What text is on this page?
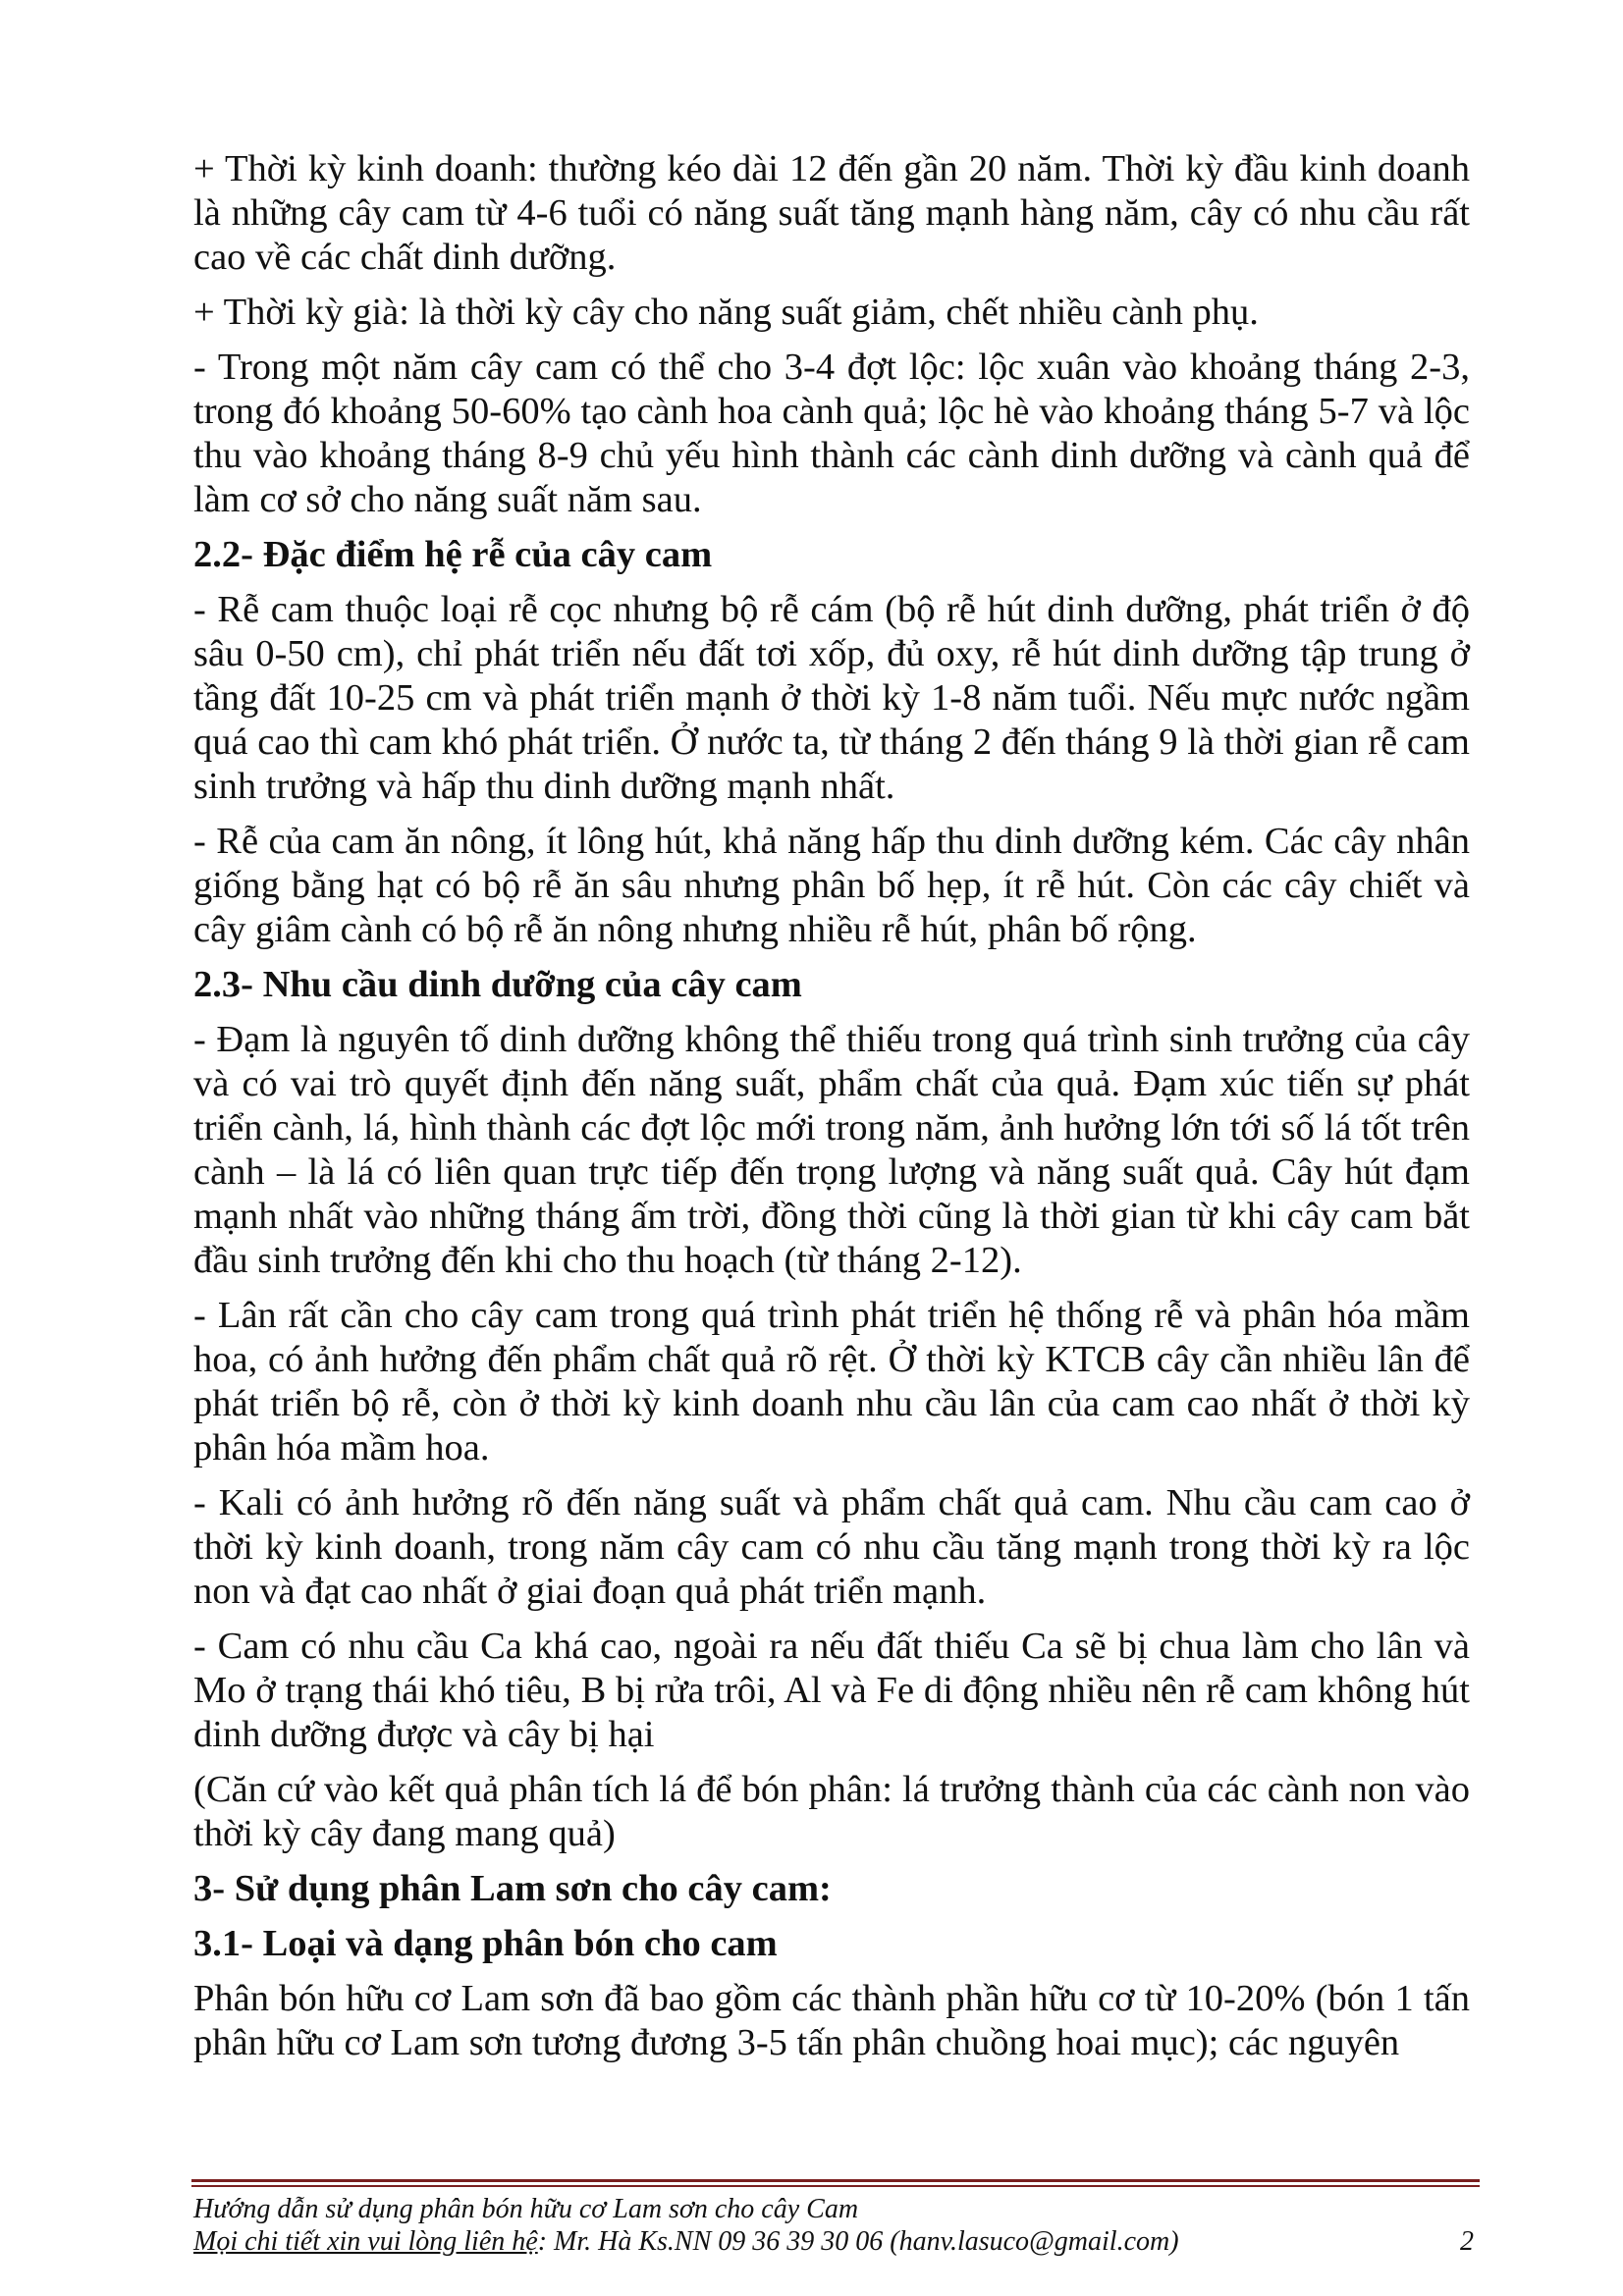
+ Thời kỳ kinh doanh: thường kéo dài 12 đến gần 20 năm. Thời kỳ đầu kinh doanh là những cây cam từ 4-6 tuổi có năng suất tăng mạnh hàng năm, cây có nhu cầu rất cao về các chất dinh dưỡng.

+ Thời kỳ già: là thời kỳ cây cho năng suất giảm, chết nhiều cành phụ.

- Trong một năm cây cam có thể cho 3-4 đợt lộc: lộc xuân vào khoảng tháng 2-3, trong đó khoảng 50-60% tạo cành hoa cành quả; lộc hè vào khoảng tháng 5-7 và lộc thu vào khoảng tháng 8-9 chủ yếu hình thành các cành dinh dưỡng và cành quả để làm cơ sở cho năng suất năm sau.

2.2- Đặc điểm hệ rễ của cây cam

- Rễ cam thuộc loại rễ cọc nhưng bộ rễ cám (bộ rễ hút dinh dưỡng, phát triển ở độ sâu 0-50 cm), chỉ phát triển nếu đất tơi xốp, đủ oxy, rễ hút dinh dưỡng tập trung ở tầng đất 10-25 cm và phát triển mạnh ở thời kỳ 1-8 năm tuổi. Nếu mực nước ngầm quá cao thì cam khó phát triển. Ở nước ta, từ tháng 2 đến tháng 9 là thời gian rễ cam sinh trưởng và hấp thu dinh dưỡng mạnh nhất.

- Rễ của cam ăn nông, ít lông hút, khả năng hấp thu dinh dưỡng kém. Các cây nhân giống bằng hạt có bộ rễ ăn sâu nhưng phân bố hẹp, ít rễ hút. Còn các cây chiết và cây giâm cành có bộ rễ ăn nông nhưng nhiều rễ hút, phân bố rộng.

2.3- Nhu cầu dinh dưỡng của cây cam

- Đạm là nguyên tố dinh dưỡng không thể thiếu trong quá trình sinh trưởng của cây và có vai trò quyết định đến năng suất, phẩm chất của quả. Đạm xúc tiến sự phát triển cành, lá, hình thành các đợt lộc mới trong năm, ảnh hưởng lớn tới số lá tốt trên cành – là lá có liên quan trực tiếp đến trọng lượng và năng suất quả. Cây hút đạm mạnh nhất vào những tháng ấm trời, đồng thời cũng là thời gian từ khi cây cam bắt đầu sinh trưởng đến khi cho thu hoạch (từ tháng 2-12).

- Lân rất cần cho cây cam trong quá trình phát triển hệ thống rễ và phân hóa mầm hoa, có ảnh hưởng đến phẩm chất quả rõ rệt. Ở thời kỳ KTCB cây cần nhiều lân để phát triển bộ rễ, còn ở thời kỳ kinh doanh nhu cầu lân của cam cao nhất ở thời kỳ phân hóa mầm hoa.

- Kali có ảnh hưởng rõ đến năng suất và phẩm chất quả cam. Nhu cầu cam cao ở thời kỳ kinh doanh, trong năm cây cam có nhu cầu tăng mạnh trong thời kỳ ra lộc non và đạt cao nhất ở giai đoạn quả phát triển mạnh.

- Cam có nhu cầu Ca khá cao, ngoài ra nếu đất thiếu Ca sẽ bị chua làm cho lân và Mo ở trạng thái khó tiêu, B bị rửa trôi, Al và Fe di động nhiều nên rễ cam không hút dinh dưỡng được và cây bị hại

(Căn cứ vào kết quả phân tích lá để bón phân: lá trưởng thành của các cành non vào thời kỳ cây đang mang quả)

3- Sử dụng phân Lam sơn cho cây cam:

3.1- Loại và dạng phân bón cho cam

Phân bón hữu cơ Lam sơn đã bao gồm các thành phần hữu cơ từ 10-20% (bón 1 tấn phân hữu cơ Lam sơn tương đương 3-5 tấn phân chuồng hoai mục); các nguyên

Hướng dẫn sử dụng phân bón hữu cơ Lam sơn cho cây Cam
Mọi chi tiết xin vui lòng liên hệ: Mr. Hà Ks.NN 09 36 39 30 06 (hanv.lasuco@gmail.com)	2
